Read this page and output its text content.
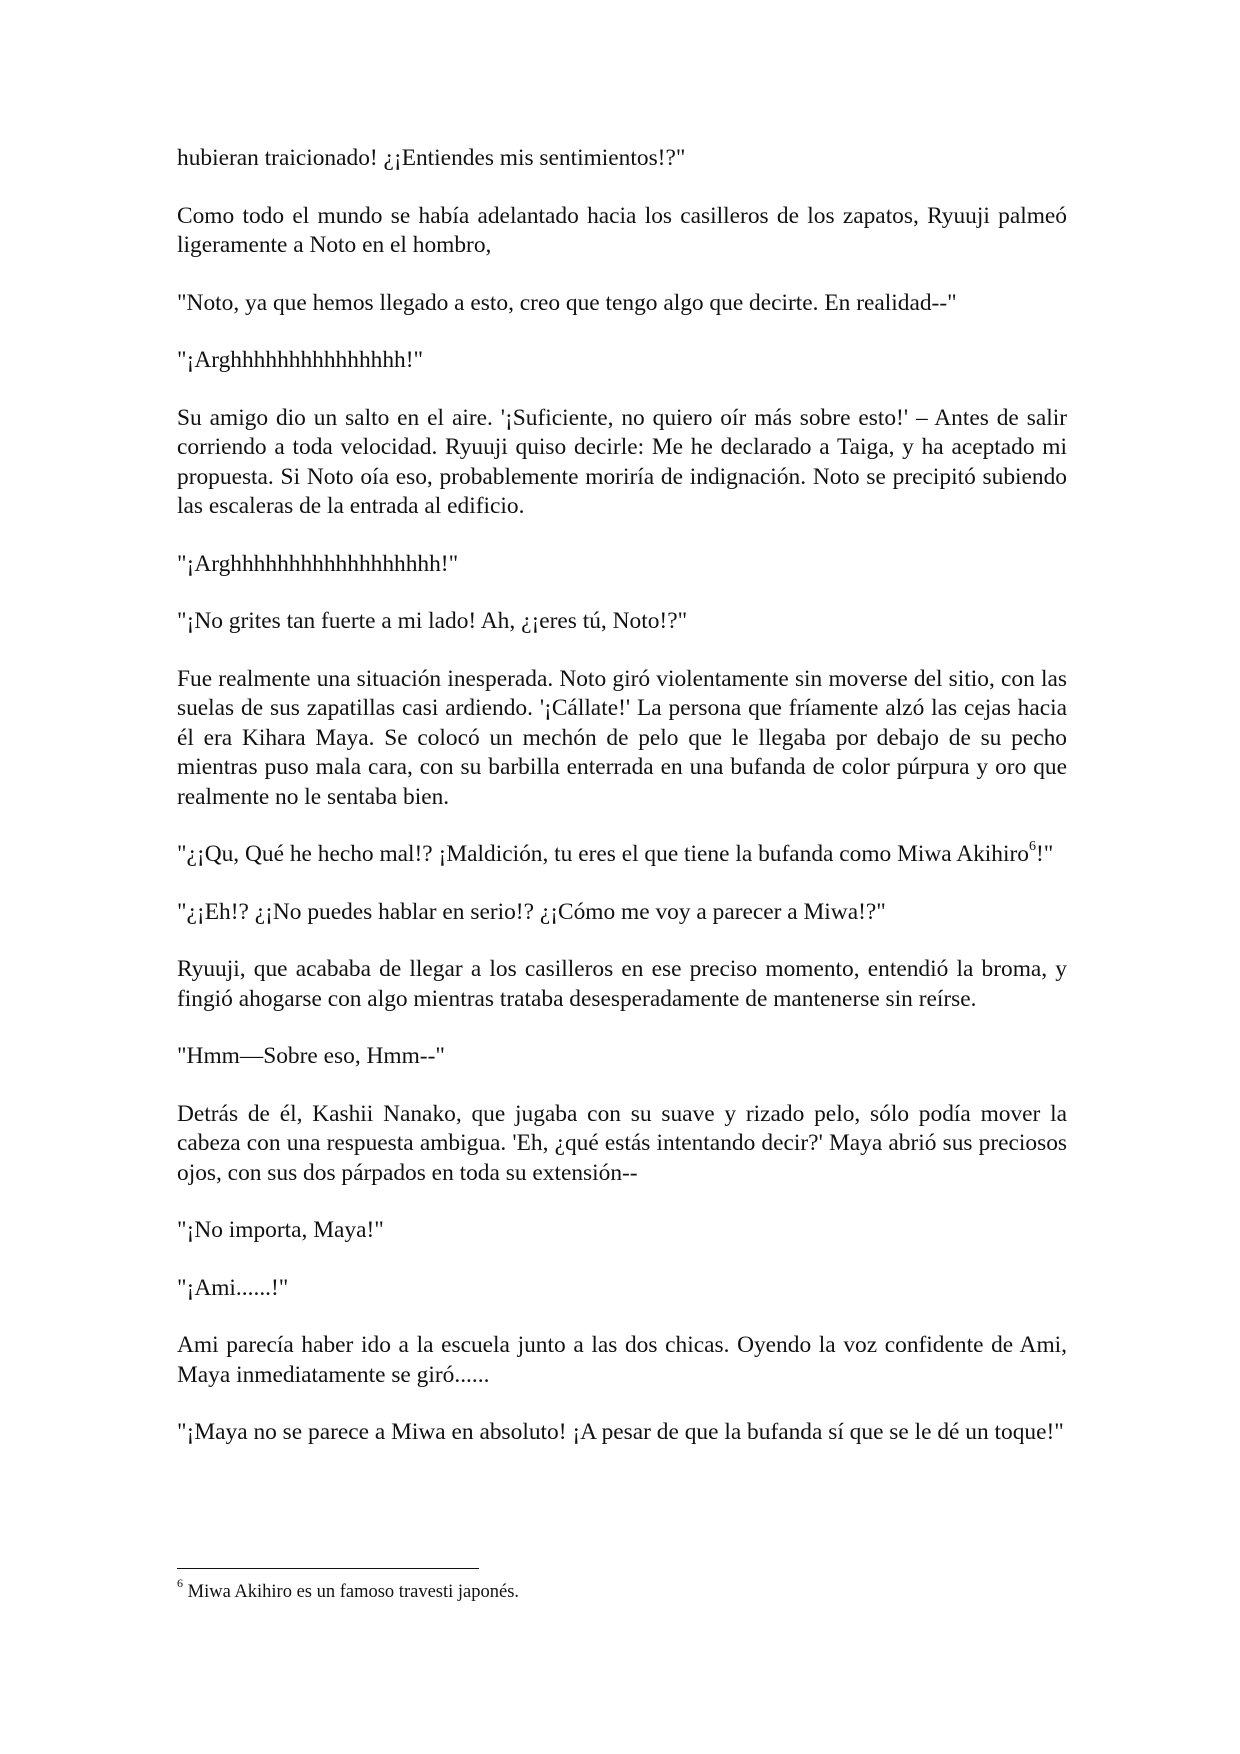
hubieran traicionado! ¿¡Entiendes mis sentimientos!?"

Como todo el mundo se había adelantado hacia los casilleros de los zapatos, Ryuuji palmeó ligeramente a Noto en el hombro,

"Noto, ya que hemos llegado a esto, creo que tengo algo que decirte. En realidad--"

"¡Arghhhhhhhhhhhhhhh!"

Su amigo dio un salto en el aire. '¡Suficiente, no quiero oír más sobre esto!' – Antes de salir corriendo a toda velocidad. Ryuuji quiso decirle: Me he declarado a Taiga, y ha aceptado mi propuesta. Si Noto oía eso, probablemente moriría de indignación. Noto se precipitó subiendo las escaleras de la entrada al edificio.

"¡Arghhhhhhhhhhhhhhhhhh!"

"¡No grites tan fuerte a mi lado! Ah, ¿¡eres tú, Noto!?"

Fue realmente una situación inesperada. Noto giró violentamente sin moverse del sitio, con las suelas de sus zapatillas casi ardiendo. '¡Cállate!' La persona que fríamente alzó las cejas hacia él era Kihara Maya. Se colocó un mechón de pelo que le llegaba por debajo de su pecho mientras puso mala cara, con su barbilla enterrada en una bufanda de color púrpura y oro que realmente no le sentaba bien.

"¿¡Qu, Qué he hecho mal!? ¡Maldición, tu eres el que tiene la bufanda como Miwa Akihiro$^6$!"

"¿¡Eh!? ¿¡No puedes hablar en serio!? ¿¡Cómo me voy a parecer a Miwa!?"

Ryuuji, que acababa de llegar a los casilleros en ese preciso momento, entendió la broma, y fingió ahogarse con algo mientras trataba desesperadamente de mantenerse sin reírse.

"Hmm—Sobre eso, Hmm--"

Detrás de él, Kashii Nanako, que jugaba con su suave y rizado pelo, sólo podía mover la cabeza con una respuesta ambigua. 'Eh, ¿qué estás intentando decir?' Maya abrió sus preciosos ojos, con sus dos párpados en toda su extensión--

"¡No importa, Maya!"

"¡Ami......!"

Ami parecía haber ido a la escuela junto a las dos chicas. Oyendo la voz confidente de Ami, Maya inmediatamente se giró......

"¡Maya no se parece a Miwa en absoluto! ¡A pesar de que la bufanda sí que se le dé un toque!"

$^6$ Miwa Akihiro es un famoso travesti japonés.
